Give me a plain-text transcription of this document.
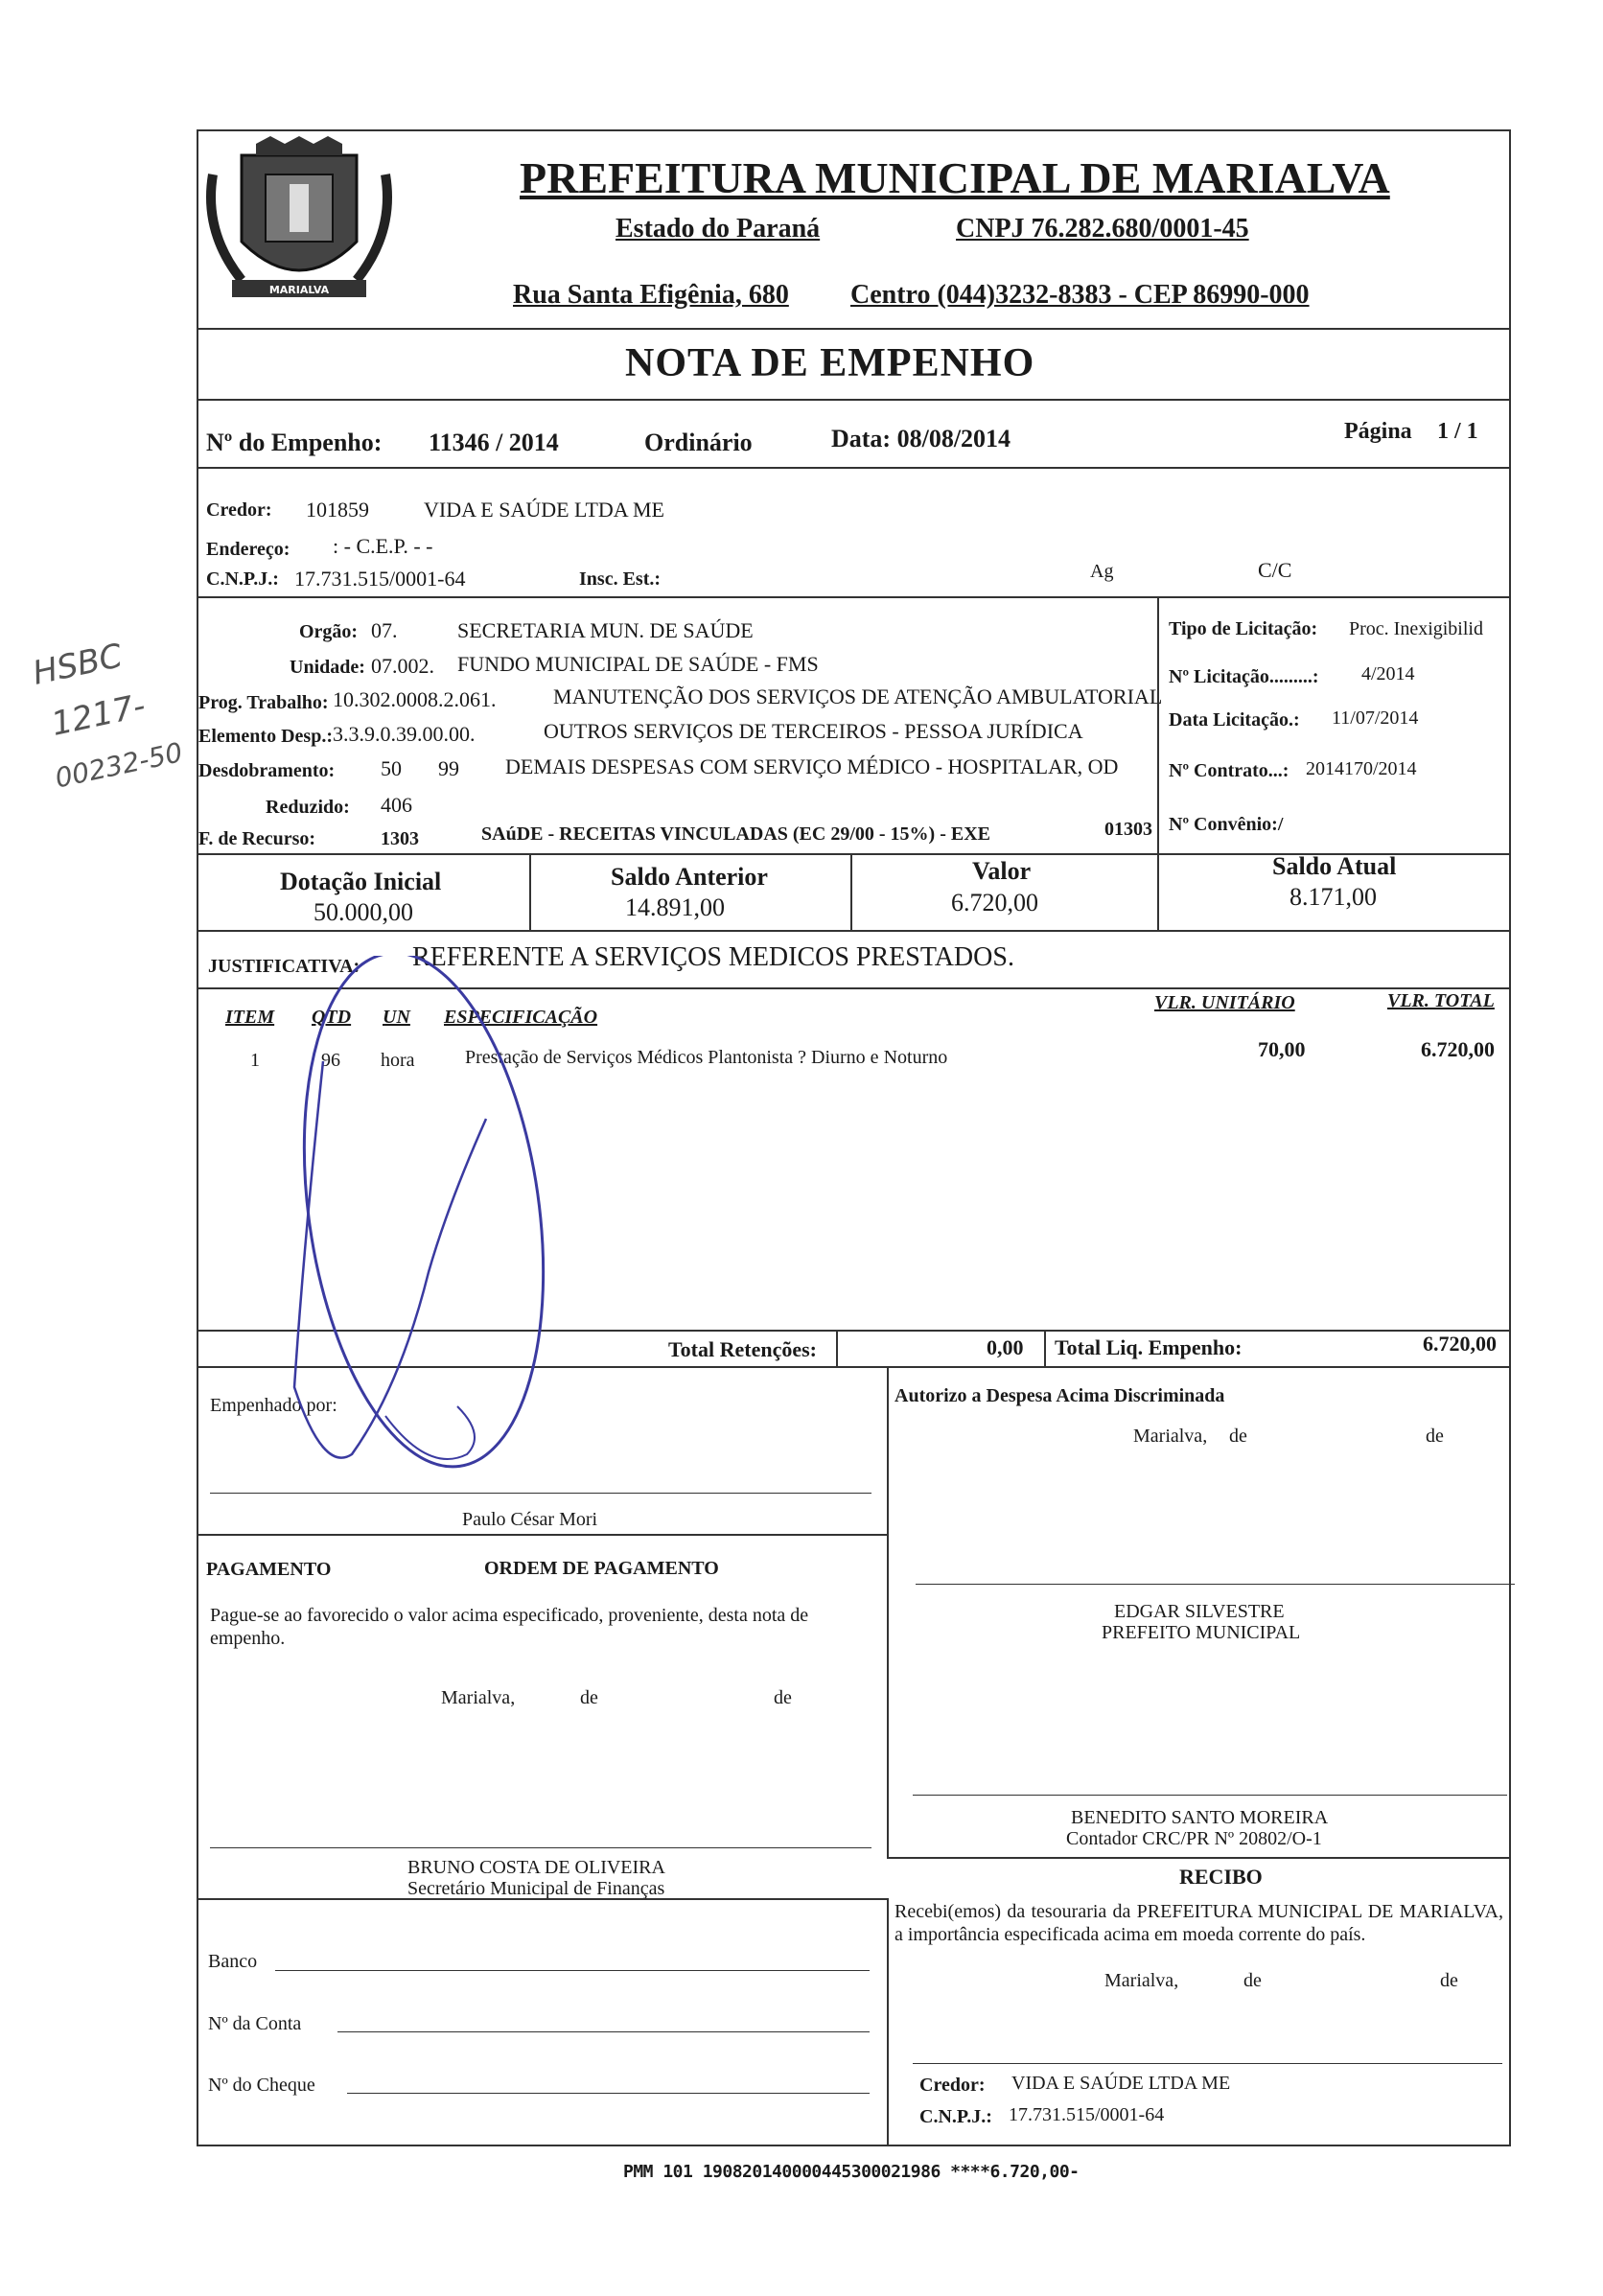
HSBC
1217-
00232-50
MARIALVA
PREFEITURA MUNICIPAL DE MARIALVA
Estado do Paraná	CNPJ 76.282.680/0001-45
Rua Santa Efigênia, 680 Centro (044)3232-8383 - CEP 86990-000
NOTA DE EMPENHO
Nº do Empenho: 11346 / 2014	Ordinário	Data: 08/08/2014	Página 1 / 1
Credor: 101859	VIDA E SAÚDE LTDA ME
Endereço: : - C.E.P. - -
C.N.P.J.: 17.731.515/0001-64	Insc. Est.:	Ag	C/C
Orgão: 07.	SECRETARIA MUN. DE SAÚDE
Unidade: 07.002. FUNDO MUNICIPAL DE SAÚDE - FMS
Prog. Trabalho: 10.302.0008.2.061.	MANUTENÇÃO DOS SERVIÇOS DE ATENÇÃO AMBULATORIAL
Elemento Desp.: 3.3.9.0.39.00.00.	OUTROS SERVIÇOS DE TERCEIROS - PESSOA JURÍDICA
Desdobramento: 50 99 DEMAIS DESPESAS COM SERVIÇO MÉDICO - HOSPITALAR, OD
Reduzido: 406
F. de Recurso:	1303	SAúDE - RECEITAS VINCULADAS (EC 29/00 - 15%) - EXE	01303
Tipo de Licitação: Proc. Inexigibilid
Nº Licitação.........: 4/2014
Data Licitação.: 11/07/2014
Nº Contrato...: 2014170/2014
Nº Convênio:/
Dotação Inicial
50.000,00
Saldo Anterior
14.891,00
Valor
6.720,00
Saldo Atual
8.171,00
JUSTIFICATIVA: REFERENTE A SERVIÇOS MEDICOS PRESTADOS.
ITEM QTD UN ESPECIFICAÇÃO
VLR. UNITÁRIO	VLR. TOTAL
1	96 hora	Prestação de Serviços Médicos Plantonista ? Diurno e Noturno	70,00	6.720,00
Total Retenções:	0,00 Total Liq. Empenho:	6.720,00
Empenhado por:
Paulo César Mori
Autorizo a Despesa Acima Discriminada
Marialva, de	de
PAGAMENTO	ORDEM DE PAGAMENTO
Pague-se ao favorecido o valor acima especificado, proveniente, desta nota de empenho.
Marialva,	de	de
EDGAR SILVESTRE
PREFEITO MUNICIPAL
BENEDITO SANTO MOREIRA
Contador CRC/PR Nº 20802/O-1
BRUNO COSTA DE OLIVEIRA
Secretário Municipal de Finanças	RECIBO
Recebi(emos) da tesouraria da PREFEITURA MUNICIPAL DE MARIALVA, a importância especificada acima em moeda corrente do país.
Marialva,	de	de
Credor: VIDA E SAÚDE LTDA ME
C.N.P.J.: 17.731.515/0001-64
Banco
Nº da Conta
Nº do Cheque
PMM 101 190820140000445300021986 ****6.720,00-
